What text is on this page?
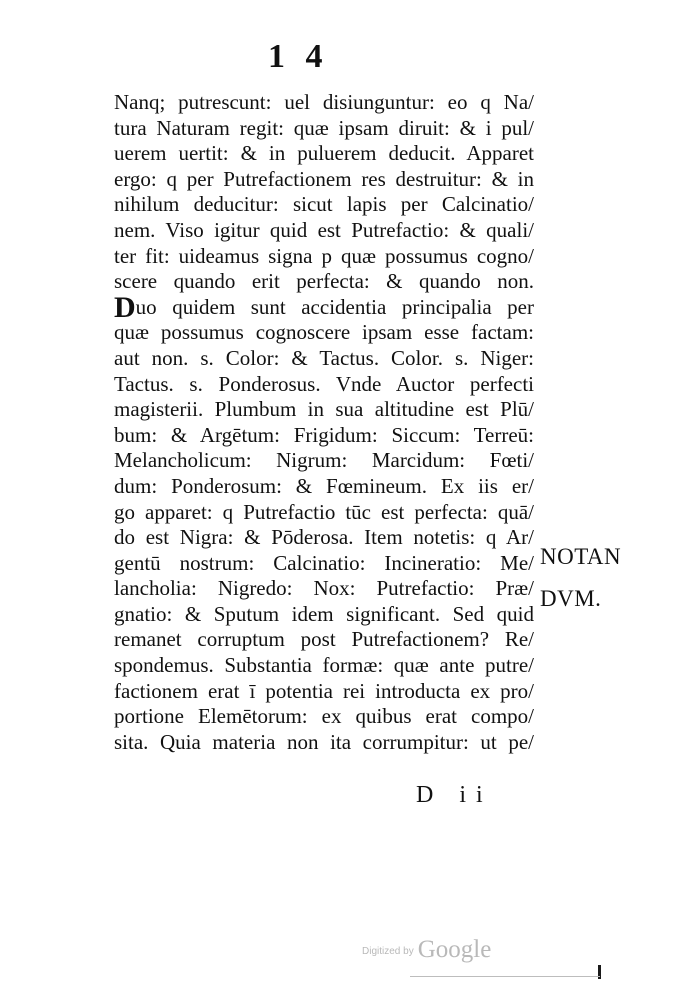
1 4
Nanq; putrescunt: uel disiunguntur: eo q Na/
tura Naturam regit: quæ ipsam diruit: & i pul/
uerem uertit: & in puluerem deducit. Apparet
ergo: q per Putrefactionem res destruitur: & in
nihilum deducitur: sicut lapis per Calcinatio/
nem. Viso igitur quid est Putrefactio: & quali/
ter fit: uideamus signa p quæ possumus cogno/
scere quando erit perfecta: & quando non.
Duo quidem sunt accidentia principalia per
quæ possumus cognoscere ipsam esse factam:
aut non. s. Color: & Tactus. Color. s. Niger:
Tactus. s. Ponderosus. Vnde Auctor perfecti
magisterii. Plumbum in sua altitudine est Plū/
bum: & Argētum: Frigidum: Siccum: Terreū:
Melancholicum: Nigrum: Marcidum: Fœti/
dum: Ponderosum: & Fœmineum. Ex iis er/
go apparet: q Putrefactio tūc est perfecta: quā/
do est Nigra: & Pōderosa. Item notetis: q Ar/
gentū nostrum: Calcinatio: Incineratio: Me/
lancholia: Nigredo: Nox: Putrefactio: Præ/
gnatio: & Sputum idem significant. Sed quid
remanet corruptum post Putrefactionem? Re/
spondemus. Substantia formæ: quæ ante putre/
factionem erat ī potentia rei introducta ex pro/
portione Elemētorum: ex quibus erat compo/
sita. Quia materia non ita corrumpitur: ut pe/
NOTAN
DVM.
D ii
Digitized by Google
